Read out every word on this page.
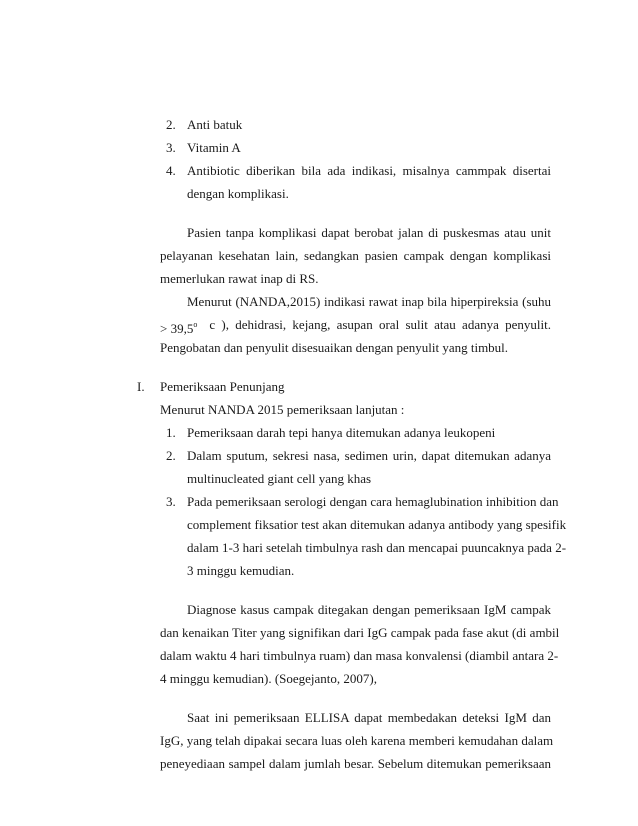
2. Anti batuk
3. Vitamin A
4. Antibiotic diberikan bila ada indikasi, misalnya cammpak disertai
dengan komplikasi.
Pasien tanpa komplikasi dapat berobat jalan di puskesmas atau unit
pelayanan kesehatan lain, sedangkan pasien campak dengan komplikasi
memerlukan rawat inap di RS.
Menurut (NANDA,2015) indikasi rawat inap bila hiperpireksia (suhu
> $39,5^o$ c ), dehidrasi, kejang, asupan oral sulit atau adanya penyulit.
Pengobatan dan penyulit disesuaikan dengan penyulit yang timbul.
I. Pemeriksaan Penunjang
Menurut NANDA 2015 pemeriksaan lanjutan :
1. Pemeriksaan darah tepi hanya ditemukan adanya leukopeni
2. Dalam sputum, sekresi nasa, sedimen urin, dapat ditemukan adanya
multinucleated giant cell yang khas
3. Pada pemeriksaan serologi dengan cara hemaglubination inhibition dan
complement fiksatior test akan ditemukan adanya antibody yang spesifik
dalam 1-3 hari setelah timbulnya rash dan mencapai puuncaknya pada 2-
3 minggu kemudian.
Diagnose kasus campak ditegakan dengan pemeriksaan IgM campak
dan kenaikan Titer yang signifikan dari IgG campak pada fase akut (di ambil
dalam waktu 4 hari timbulnya ruam) dan masa konvalensi (diambil antara 2-
4 minggu kemudian). (Soegejanto, 2007),
Saat ini pemeriksaan ELLISA dapat membedakan deteksi IgM dan
IgG, yang telah dipakai secara luas oleh karena memberi kemudahan dalam
peneyediaan sampel dalam jumlah besar. Sebelum ditemukan pemeriksaan
